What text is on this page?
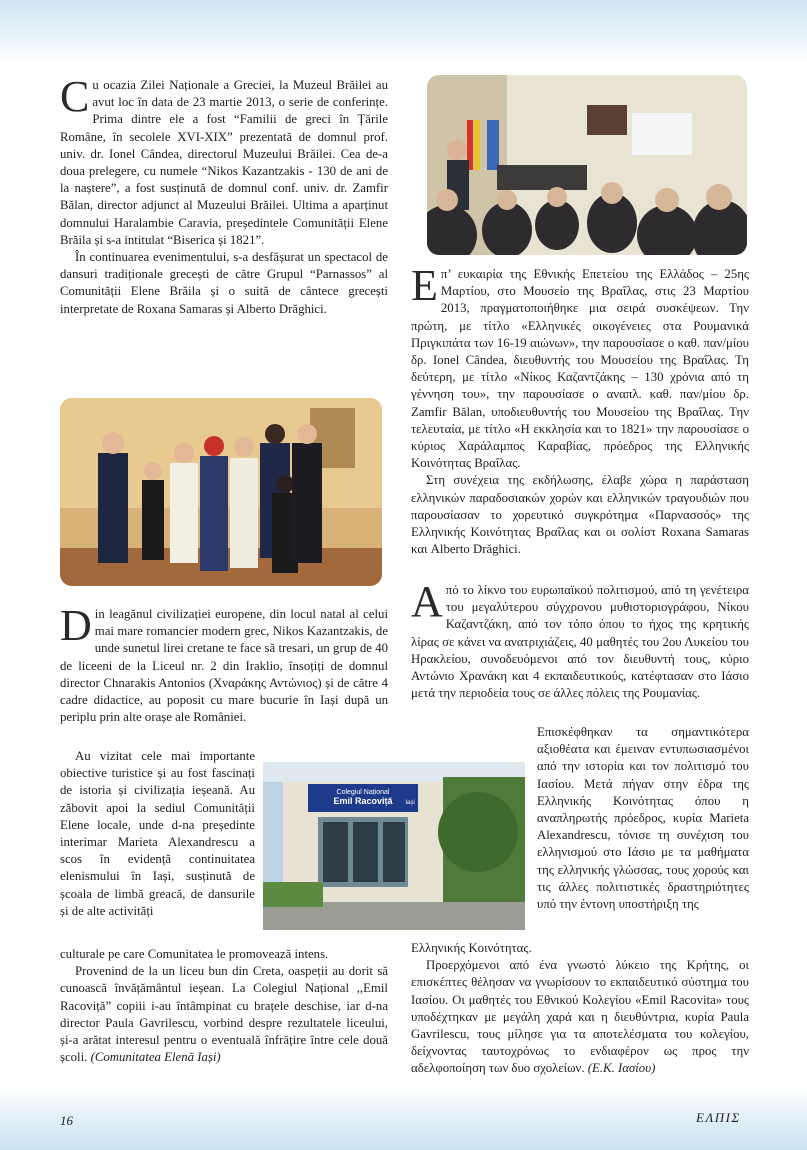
Cu ocazia Zilei Naționale a Greciei, la Muzeul Brăilei au avut loc în data de 23 martie 2013, o serie de conferințe. Prima dintre ele a fost “Familii de greci în Țările Române, în secolele XVI-XIX” prezentată de domnul prof. univ. dr. Ionel Cândea, directorul Muzeului Brăilei. Cea de-a doua prelegere, cu numele “Nikos Kazantzakis - 130 de ani de la naștere”, a fost susținută de domnul conf. univ. dr. Zamfir Bălan, director adjunct al Muzeului Brăilei. Ultima a aparținut domnului Haralambie Caravia, președintele Comunității Elene Brăila și s-a intitulat “Biserica și 1821”.

În continuarea evenimentului, s-a desfășurat un spectacol de dansuri tradiționale grecești de către Grupul “Parnassos” al Comunității Elene Brăila și o suită de cântece grecești interpretate de Roxana Samaras și Alberto Drăghici.

Din leagănul civilizației europene, din locul natal al celui mai mare romancier modern grec, Nikos Kazantzakis, de unde sunetul lirei cretane te face să tresari, un grup de 40 de liceeni de la Liceul nr. 2 din Iraklio, însoțiți de domnul director Chnarakis Antonios (Χναράκης Αντώνιος) și de către 4 cadre didactice, au poposit cu mare bucurie în Iași după un periplu prin alte orașe ale României.

Au vizitat cele mai importante obiective turistice și au fost fascinați de istoria și civilizația ieșeană. Au zăbovit apoi la sediul Comunității Elene locale, unde d-na președinte interimar Marieta Alexandrescu a scos în evidență continuitatea elenismului în Iași, susținută de școala de limbă greacă, de dansurile și de alte activități

culturale pe care Comunitatea le promovează intens.

Provenind de la un liceu bun din Creta, oaspeții au dorit să cunoască învățământul ieșean. La Colegiul Național ,,Emil Racoviță” copiii i-au întâmpinat cu brațele deschise, iar d-na director Paula Gavrilescu, vorbind despre rezultatele liceului, și-a arătat interesul pentru o eventuală înfrățire între cele două școli. (Comunitatea Elenă Iași)

Colegiul Național
Emil Racoviță Iași

Επ’ ευκαιρία της Εθνικής Επετείου της Ελλάδος – 25ης Μαρτίου, στο Μουσείο της Βραΐλας, στις 23 Μαρτίου 2013, πραγματοποιήθηκε μια σειρά συσκέψεων. Την πρώτη, με τίτλο «Ελληνικές οικογένειες στα Ρουμανικά Πριγκιπάτα των 16-19 αιώνων», την παρουσίασε ο καθ. παν/μίου δρ. Ionel Cândea, διευθυντής του Μουσείου της Βραΐλας. Τη δεύτερη, με τίτλο «Νίκος Καζαντζάκης – 130 χρόνια από τη γέννηση του», την παρουσίασε ο αναπλ. καθ. παν/μίου δρ. Zamfir Bălan, υποδιευθυντής του Μουσείου της Βραΐλας. Την τελευταία, με τίτλο «Η εκκλησία και το 1821» την παρουσίασε ο κύριος Χαράλαμπος Καραβίας, πρόεδρος της Ελληνικής Κοινότητας Βραΐλας.

Στη συνέχεια της εκδήλωσης, έλαβε χώρα η παράσταση ελληνικών παραδοσιακών χορών και ελληνικών τραγουδιών που παρουσίασαν το χορευτικό συγκρότημα «Παρνασσός» της Ελληνικής Κοινότητας Βραΐλας και οι σολίστ Roxana Samaras και Alberto Drăghici.

Από το λίκνο του ευρωπαϊκού πολιτισμού, από τη γενέτειρα του μεγαλύτερου σύγχρονου μυθιστοριογράφου, Νίκου Καζαντζάκη, από τον τόπο όπου το ήχος της κρητικής λίρας σε κάνει να ανατριχιάζεις, 40 μαθητές του 2ου Λυκείου του Ηρακλείου, συνοδευόμενοι από τον διευθυντή τους, κύριο Αντώνιο Χρανάκη και 4 εκπαιδευτικούς, κατέφτασαν στο Ιάσιο μετά την περιοδεία τους σε άλλες πόλεις της Ρουμανίας.

Επισκέφθηκαν τα σημαντικότερα αξιοθέατα και έμειναν εντυπωσιασμένοι από την ιστορία και τον πολιτισμό του Ιασίου. Μετά πήγαν στην έδρα της Ελληνικής Κοινότητας όπου η αναπληρωτής πρόεδρος, κυρία Marieta Alexandrescu, τόνισε τη συνέχιση του ελληνισμού στο Ιάσιο με τα μαθήματα της ελληνικής γλώσσας, τους χορούς και τις άλλες πολιτιστικές δραστηριότητες υπό την έντονη υποστήριξη της

Ελληνικής Κοινότητας.

Προερχόμενοι από ένα γνωστό λύκειο της Κρήτης, οι επισκέπτες θέλησαν να γνωρίσουν το εκπαιδευτικό σύστημα του Ιασίου. Οι μαθητές του Εθνικού Κολεγίου «Emil Racovita» τους υποδέχτηκαν με μεγάλη χαρά και η διευθύντρια, κυρία Paula Gavrilescu, τους μίλησε για τα αποτελέσματα του κολεγίου, δείχνοντας ταυτοχρόνως το ενδιαφέρον ως προς την αδελφοποίηση των δυο σχολείων. (Ε.Κ. Ιασίου)

16	ΕΛΠΙΣ
